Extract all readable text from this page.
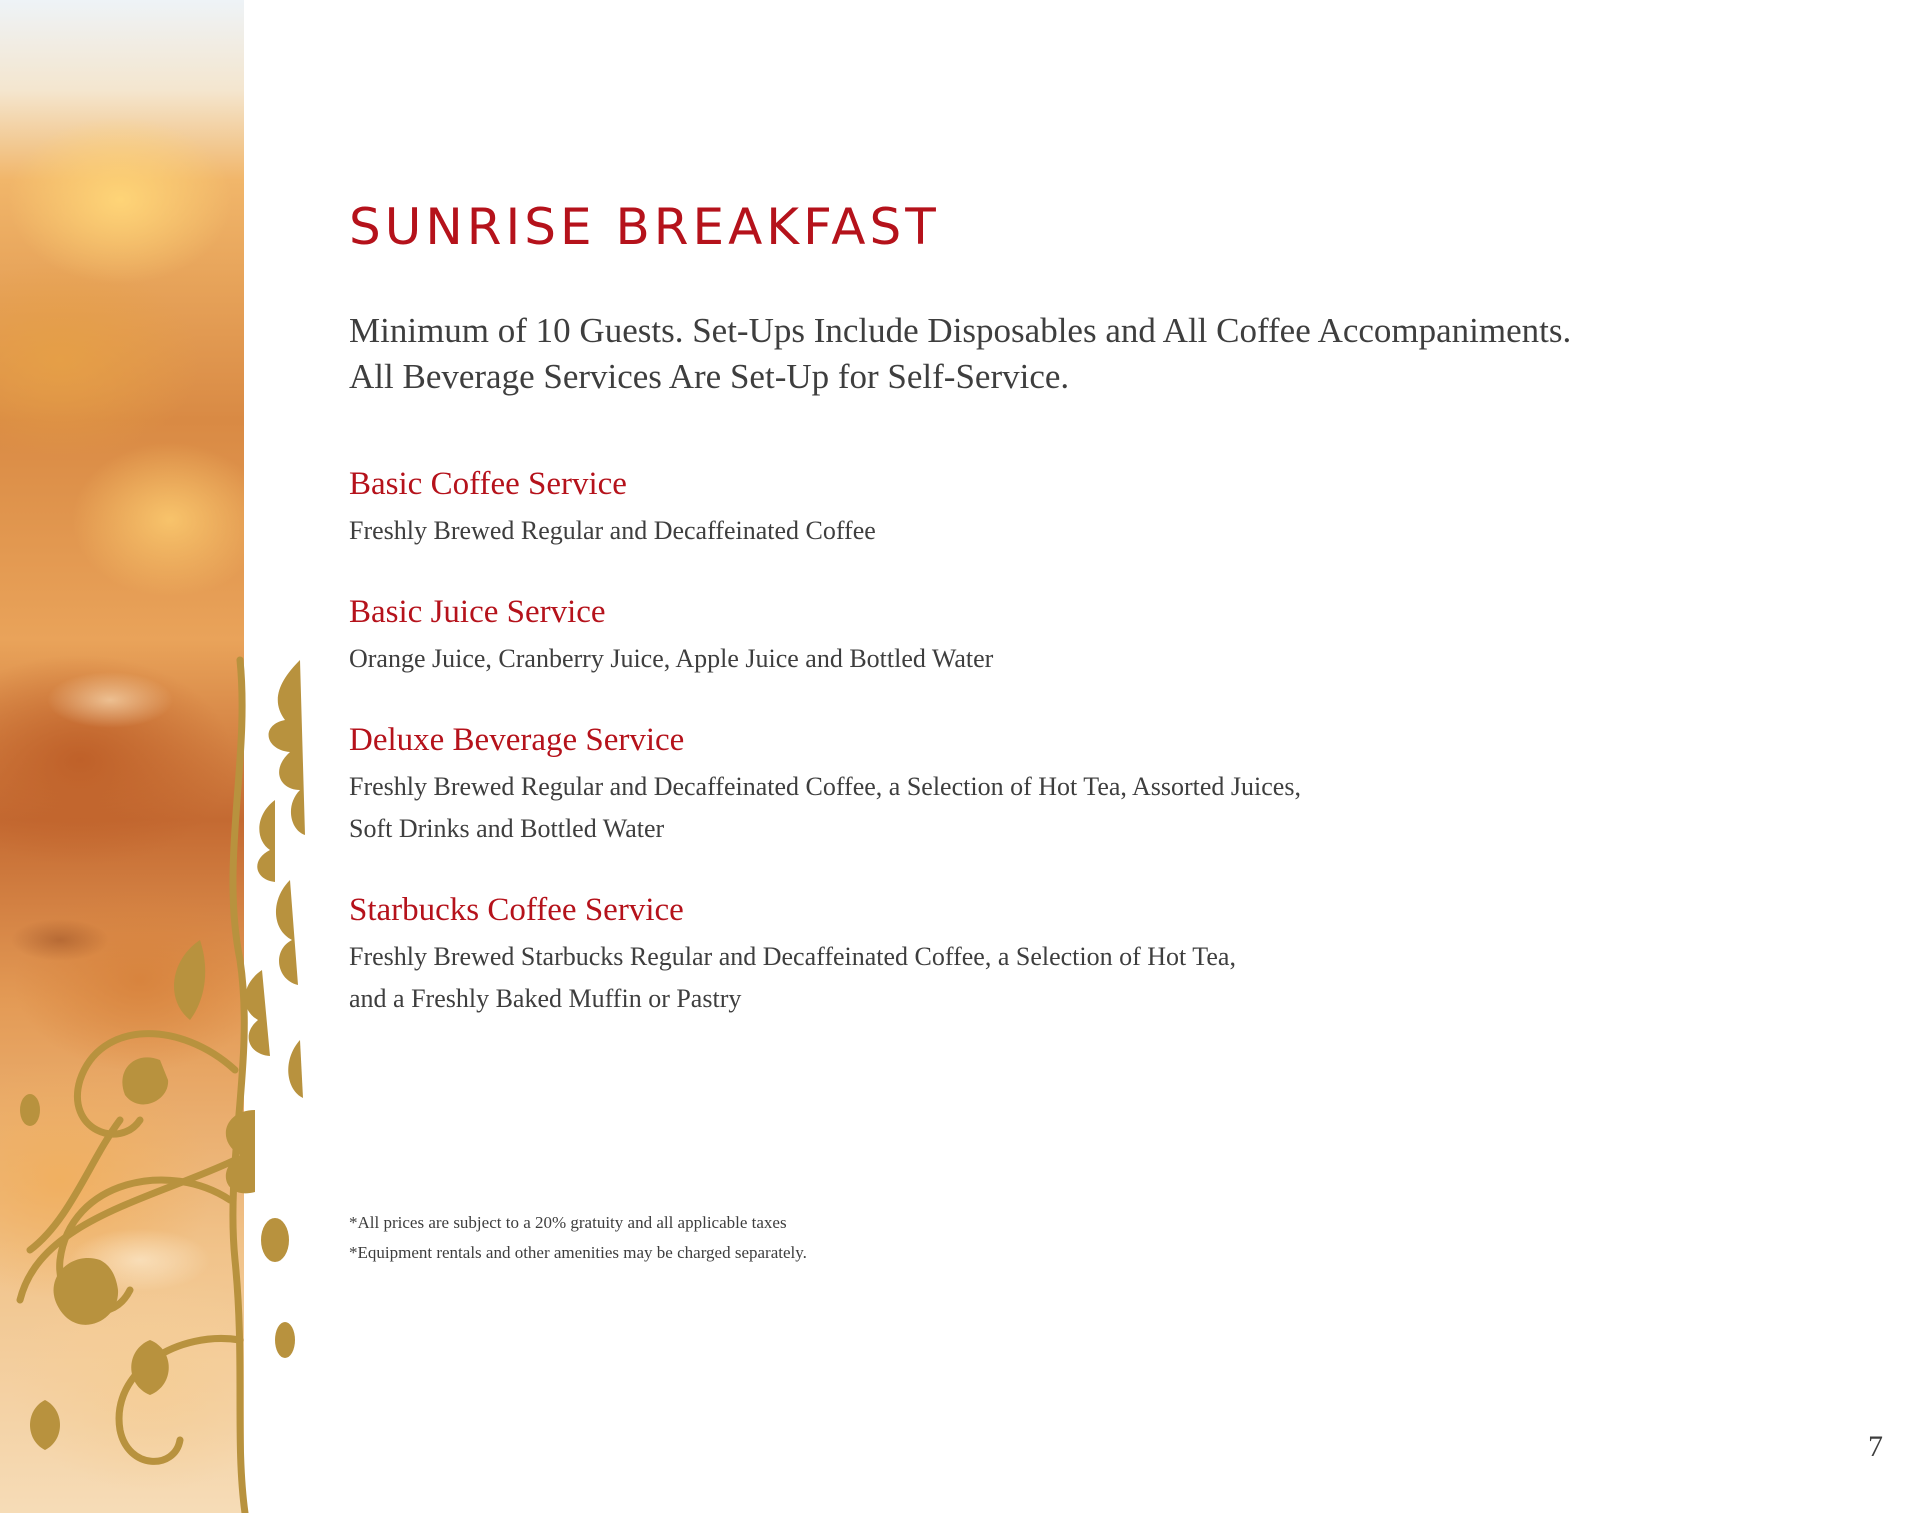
SUNRISE BREAKFAST

Minimum of 10 Guests. Set-Ups Include Disposables and All Coffee Accompaniments.
All Beverage Services Are Set-Up for Self-Service.

Basic Coffee Service

Freshly Brewed Regular and Decaffeinated Coffee

Basic Juice Service

Orange Juice, Cranberry Juice, Apple Juice and Bottled Water

Deluxe Beverage Service

Freshly Brewed Regular and Decaffeinated Coffee, a Selection of Hot Tea, Assorted Juices,
Soft Drinks and Bottled Water

Starbucks Coffee Service

Freshly Brewed Starbucks Regular and Decaffeinated Coffee, a Selection of Hot Tea,
and a Freshly Baked Muffin or Pastry

*All prices are subject to a 20% gratuity and all applicable taxes
*Equipment rentals and other amenities may be charged separately.
7
